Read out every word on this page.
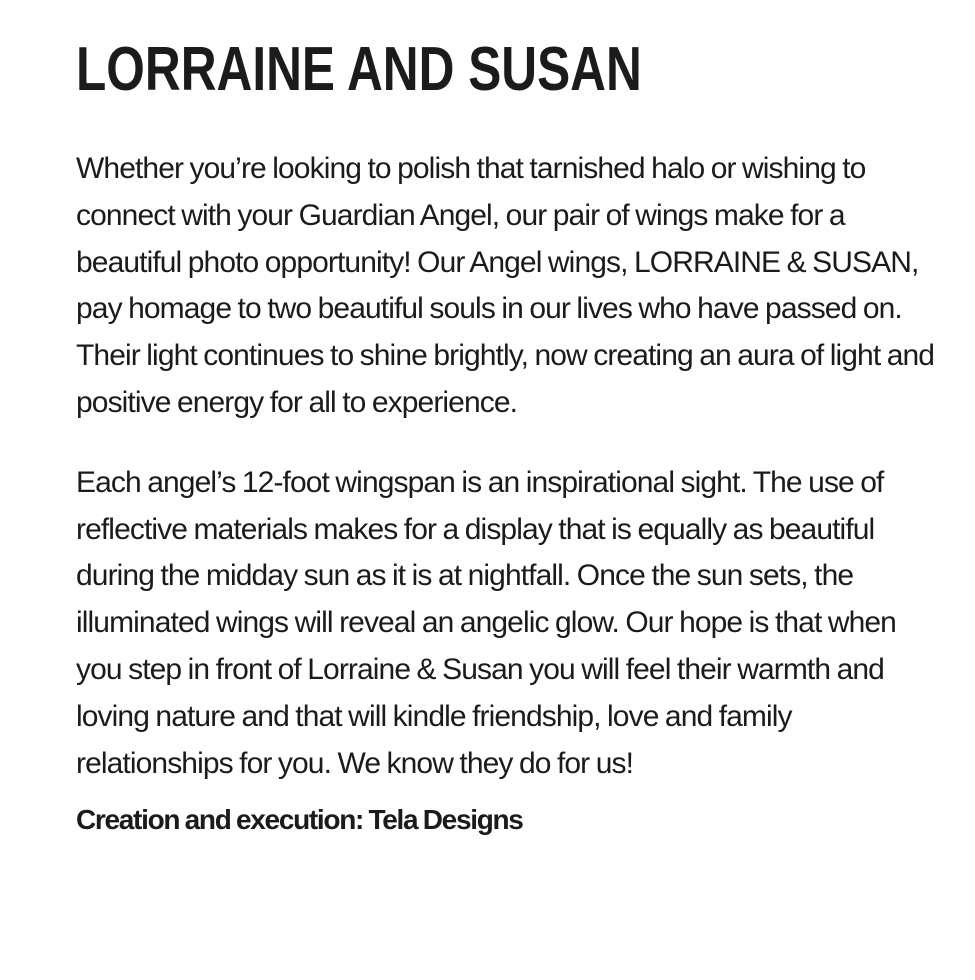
LORRAINE AND SUSAN

Whether you’re looking to polish that tarnished halo or wishing to connect with your Guardian Angel, our pair of wings make for a beautiful photo opportunity! Our Angel wings, LORRAINE & SUSAN, pay homage to two beautiful souls in our lives who have passed on. Their light continues to shine brightly, now creating an aura of light and positive energy for all to experience.

Each angel’s 12-foot wingspan is an inspirational sight. The use of reflective materials makes for a display that is equally as beautiful during the midday sun as it is at nightfall. Once the sun sets, the illuminated wings will reveal an angelic glow. Our hope is that when you step in front of Lorraine & Susan you will feel their warmth and loving nature and that will kindle friendship, love and family relationships for you. We know they do for us!

Creation and execution: Tela Designs
